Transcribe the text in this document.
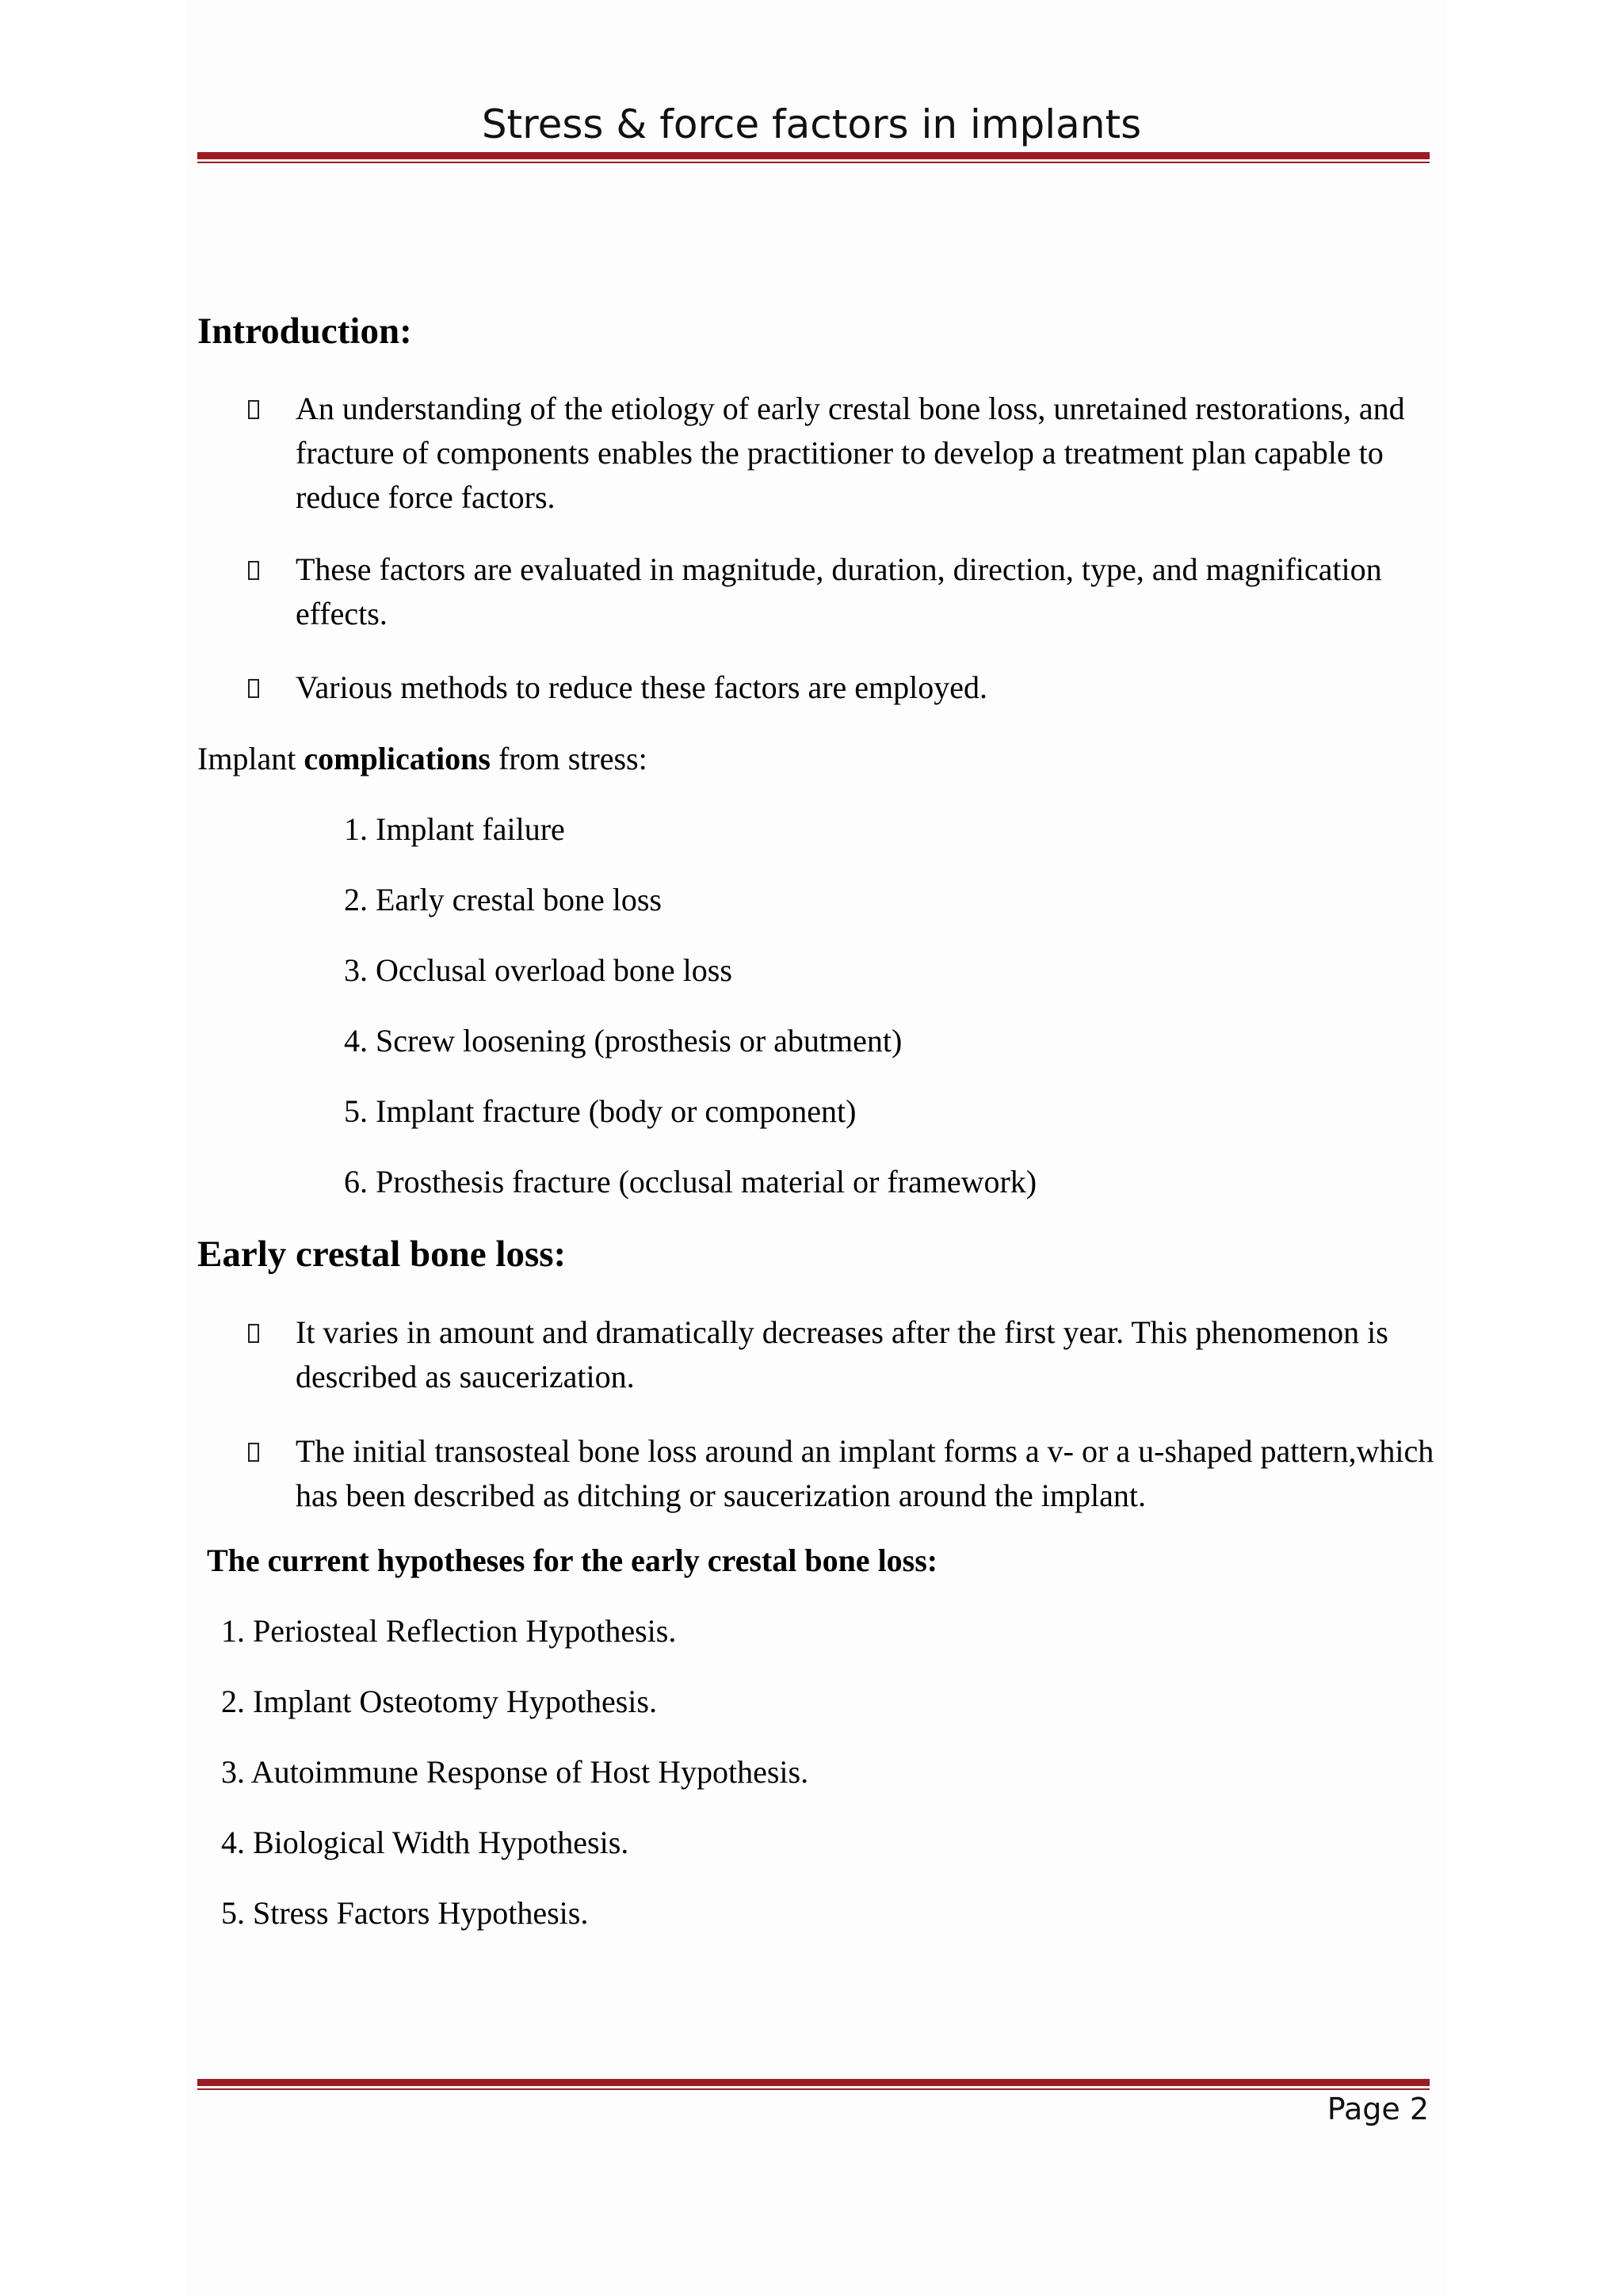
Stress & force factors in implants
Introduction:

An understanding of the etiology of early crestal bone loss, unretained restorations, and fracture of components enables the practitioner to develop a treatment plan capable to reduce force factors.

These factors are evaluated in magnitude, duration, direction, type, and magnification effects.

Various methods to reduce these factors are employed.

Implant complications from stress:

1. Implant failure

2. Early crestal bone loss

3. Occlusal overload bone loss

4. Screw loosening (prosthesis or abutment)

5. Implant fracture (body or component)

6. Prosthesis fracture (occlusal material or framework)

Early crestal bone loss:

It varies in amount and dramatically decreases after the first year. This phenomenon is described as saucerization.

The initial transosteal bone loss around an implant forms a v- or a u-shaped pattern,which has been described as ditching or saucerization around the implant.

The current hypotheses for the early crestal bone loss:

1. Periosteal Reflection Hypothesis.

2. Implant Osteotomy Hypothesis.

3. Autoimmune Response of Host Hypothesis.

4. Biological Width Hypothesis.

5. Stress Factors Hypothesis.

Page 2
